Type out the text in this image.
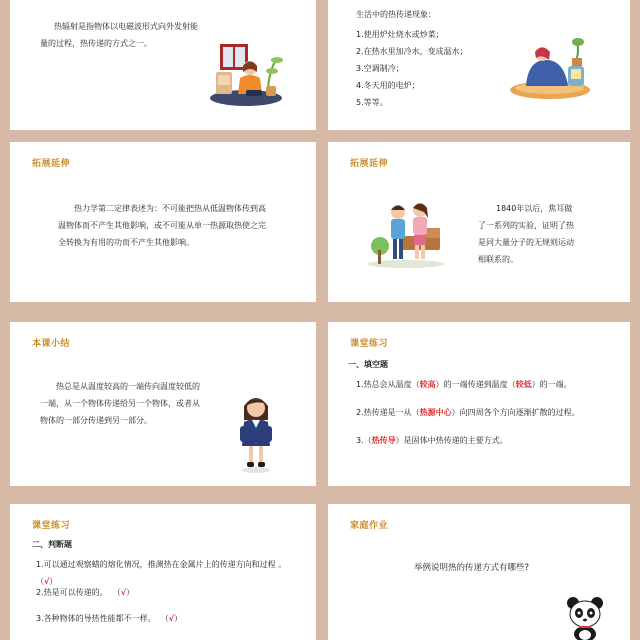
热辐射是指物体以电磁波形式向外发射能量的过程，热传递的方式之一。
生活中的热传递现象：
1.使用炉灶烧水或炒菜；
2.在热水里加冷水，变成温水；
3.空调制冷；
4.冬天用的电炉；
5.等等。
拓展延伸
热力学第二定律表述为：不可能把热从低温物体传到高温物体而不产生其他影响，或不可能从单一热源取热使之完全转换为有用的功而不产生其他影响。
拓展延伸
1840年以后，焦耳做了一系列的实验，证明了热是同大量分子的无规则运动相联系的。
本课小结
热总是从温度较高的一端传向温度较低的一端，从一个物体传递给另一个物体，或者从物体的一部分传递到另一部分。
课堂练习
一、填空题
1.热总会从温度（较高）的一端传递到温度（较低）的一端。
2.热传递是一从（热源中心）向四周各个方向逐渐扩散的过程。
3.（热传导）是固体中热传递的主要方式。
课堂练习
二、判断题
1.可以通过观察蜡的熔化情况，推测热在金属片上的传递方向和过程 。
（√）
2.热是可以传递的。 （√）
3.各种物体的导热性能都不一样。 （√）
家庭作业
举例说明热的传递方式有哪些?
